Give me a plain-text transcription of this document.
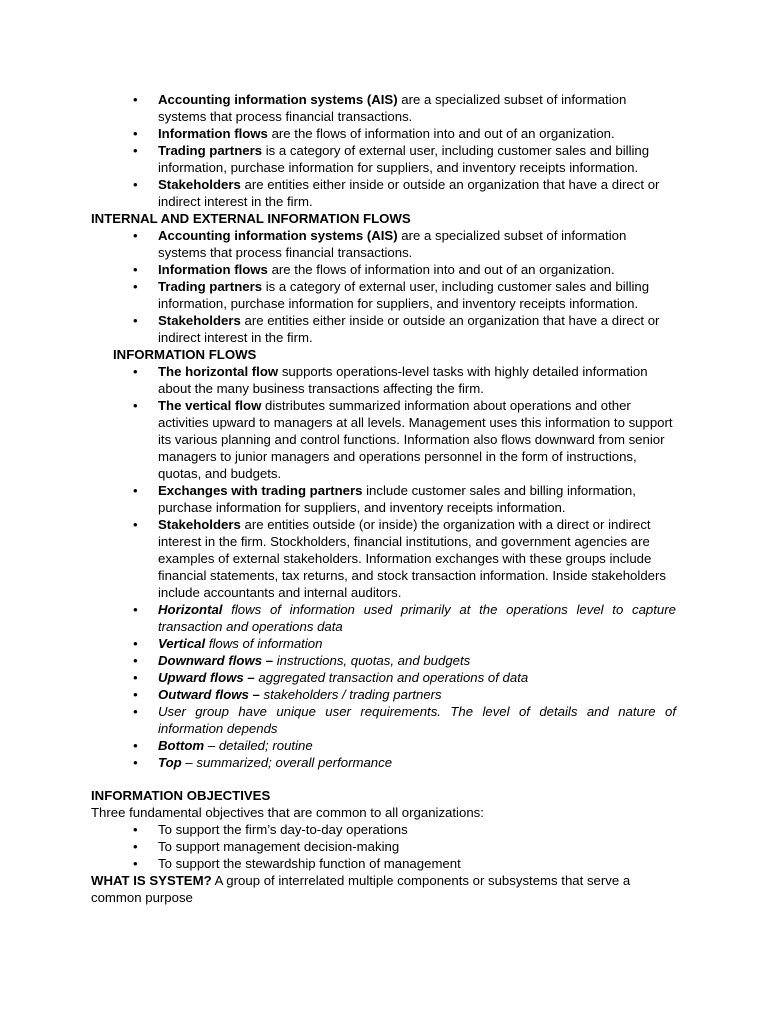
• Accounting information systems (AIS) are a specialized subset of information systems that process financial transactions.
• Information flows are the flows of information into and out of an organization.
• Trading partners is a category of external user, including customer sales and billing information, purchase information for suppliers, and inventory receipts information.
• Stakeholders are entities either inside or outside an organization that have a direct or indirect interest in the firm.

INTERNAL AND EXTERNAL INFORMATION FLOWS

• Accounting information systems (AIS) are a specialized subset of information systems that process financial transactions.
• Information flows are the flows of information into and out of an organization.
• Trading partners is a category of external user, including customer sales and billing information, purchase information for suppliers, and inventory receipts information.
• Stakeholders are entities either inside or outside an organization that have a direct or indirect interest in the firm.

INFORMATION FLOWS

• The horizontal flow supports operations-level tasks with highly detailed information about the many business transactions affecting the firm.
• The vertical flow distributes summarized information about operations and other activities upward to managers at all levels. Management uses this information to support its various planning and control functions. Information also flows downward from senior managers to junior managers and operations personnel in the form of instructions, quotas, and budgets.
• Exchanges with trading partners include customer sales and billing information, purchase information for suppliers, and inventory receipts information.
• Stakeholders are entities outside (or inside) the organization with a direct or indirect interest in the firm. Stockholders, financial institutions, and government agencies are examples of external stakeholders. Information exchanges with these groups include financial statements, tax returns, and stock transaction information. Inside stakeholders include accountants and internal auditors.
• Horizontal flows of information used primarily at the operations level to capture transaction and operations data
• Vertical flows of information
• Downward flows – instructions, quotas, and budgets
• Upward flows – aggregated transaction and operations of data
• Outward flows – stakeholders / trading partners
• User group have unique user requirements. The level of details and nature of information depends
• Bottom – detailed; routine
• Top – summarized; overall performance

INFORMATION OBJECTIVES

Three fundamental objectives that are common to all organizations:

• To support the firm’s day-to-day operations
• To support management decision-making
• To support the stewardship function of management

WHAT IS SYSTEM? A group of interrelated multiple components or subsystems that serve a common purpose
